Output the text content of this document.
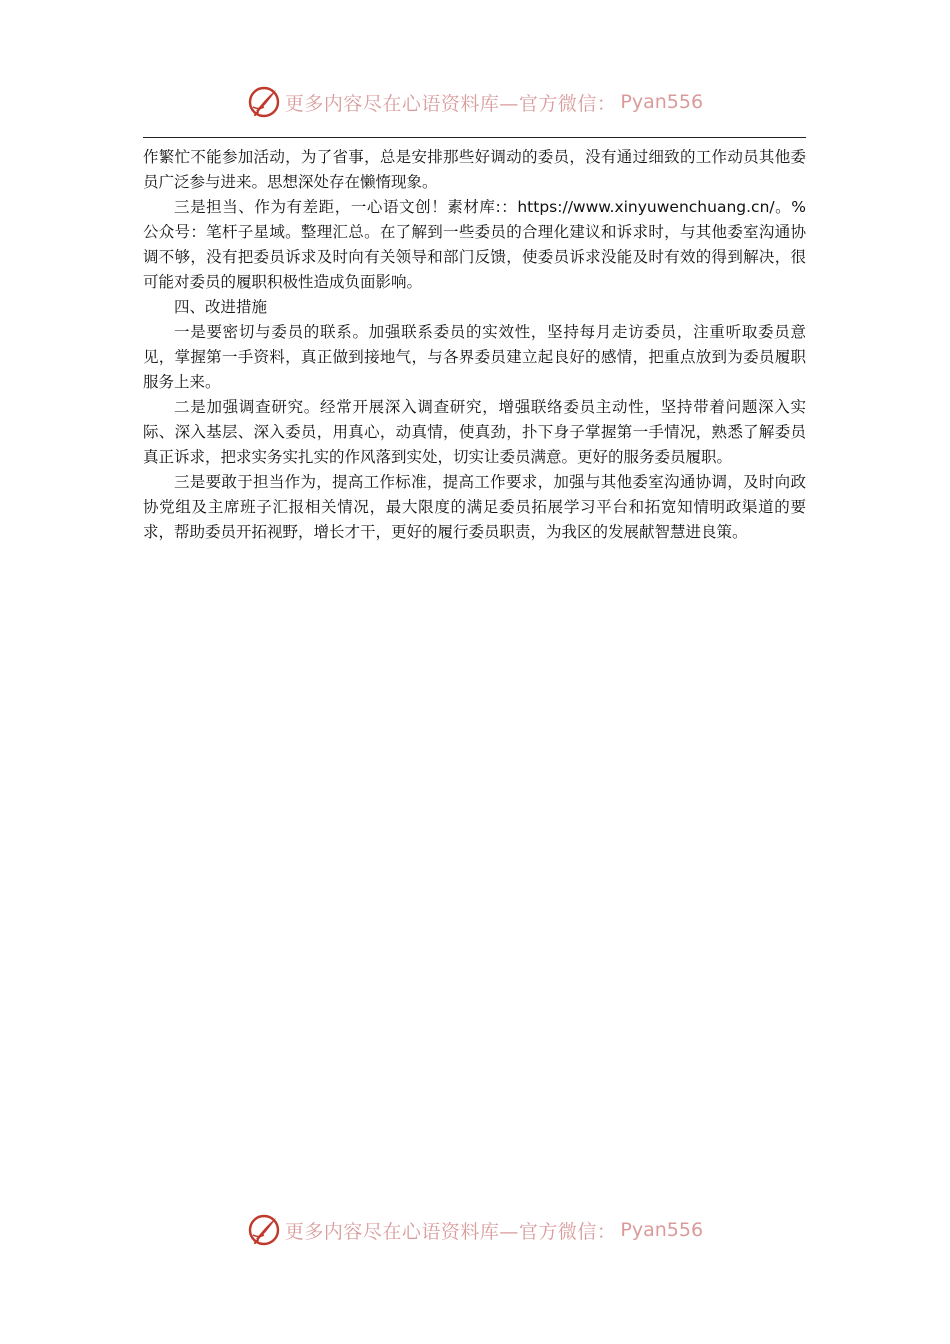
更多内容尽在心语资料库—官方微信： Pyan556

作繁忙不能参加活动，为了省事，总是安排那些好调动的委员，没有通过细致的工作动员其他委员广泛参与进来。思想深处存在懒惰现象。

三是担当、作为有差距，一心语文创！素材库:：https://www.xinyuwenchuang.cn/。%公众号：笔杆子星域。整理汇总。在了解到一些委员的合理化建议和诉求时，与其他委室沟通协调不够，没有把委员诉求及时向有关领导和部门反馈，使委员诉求没能及时有效的得到解决，很可能对委员的履职积极性造成负面影响。

四、改进措施

一是要密切与委员的联系。加强联系委员的实效性，坚持每月走访委员，注重听取委员意见，掌握第一手资料，真正做到接地气，与各界委员建立起良好的感情，把重点放到为委员履职服务上来。

二是加强调查研究。经常开展深入调查研究，增强联络委员主动性，坚持带着问题深入实际、深入基层、深入委员，用真心，动真情，使真劲，扑下身子掌握第一手情况，熟悉了解委员真正诉求，把求实务实扎实的作风落到实处，切实让委员满意。更好的服务委员履职。

三是要敢于担当作为，提高工作标准，提高工作要求，加强与其他委室沟通协调，及时向政协党组及主席班子汇报相关情况，最大限度的满足委员拓展学习平台和拓宽知情明政渠道的要求，帮助委员开拓视野，增长才干，更好的履行委员职责，为我区的发展献智慧进良策。

更多内容尽在心语资料库—官方微信： Pyan556
